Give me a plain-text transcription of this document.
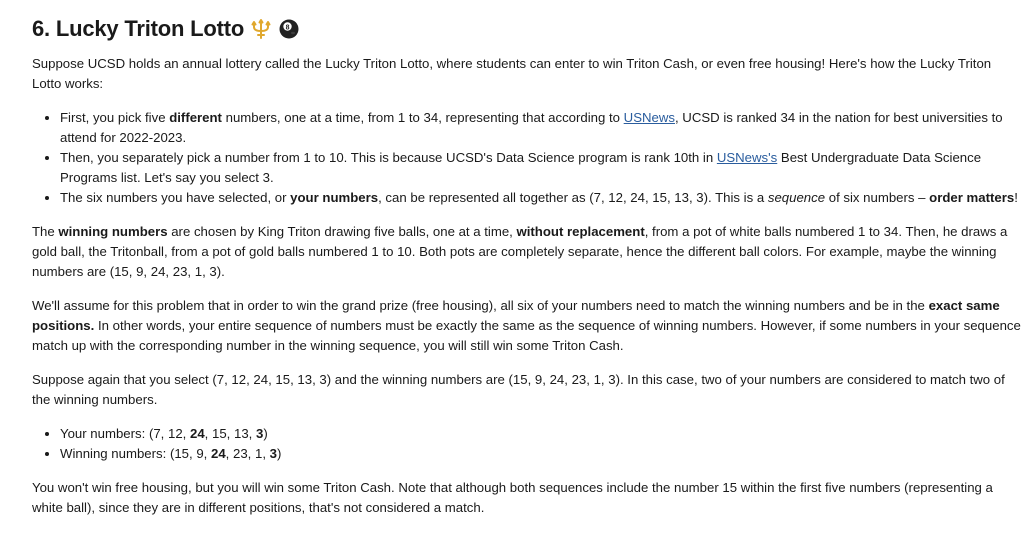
6. Lucky Triton Lotto	8

Suppose UCSD holds an annual lottery called the Lucky Triton Lotto, where students can enter to win Triton Cash, or even free housing! Here's how the Lucky Triton Lotto works:

• First, you pick five different numbers, one at a time, from 1 to 34, representing that according to USNews, UCSD is ranked 34 in the nation for best universities to attend for 2022-2023.
• Then, you separately pick a number from 1 to 10. This is because UCSD's Data Science program is rank 10th in USNews's Best Undergraduate Data Science Programs list. Let's say you select 3.
• The six numbers you have selected, or your numbers, can be represented all together as (7, 12, 24, 15, 13, 3). This is a sequence of six numbers – order matters!

The winning numbers are chosen by King Triton drawing five balls, one at a time, without replacement, from a pot of white balls numbered 1 to 34. Then, he draws a gold ball, the Tritonball, from a pot of gold balls numbered 1 to 10. Both pots are completely separate, hence the different ball colors. For example, maybe the winning numbers are (15, 9, 24, 23, 1, 3).

We'll assume for this problem that in order to win the grand prize (free housing), all six of your numbers need to match the winning numbers and be in the exact same positions. In other words, your entire sequence of numbers must be exactly the same as the sequence of winning numbers. However, if some numbers in your sequence match up with the corresponding number in the winning sequence, you will still win some Triton Cash.

Suppose again that you select (7, 12, 24, 15, 13, 3) and the winning numbers are (15, 9, 24, 23, 1, 3). In this case, two of your numbers are considered to match two of the winning numbers.

• Your numbers: (7, 12, 24, 15, 13, 3)
• Winning numbers: (15, 9, 24, 23, 1, 3)

You won't win free housing, but you will win some Triton Cash. Note that although both sequences include the number 15 within the first five numbers (representing a white ball), since they are in different positions, that's not considered a match.
